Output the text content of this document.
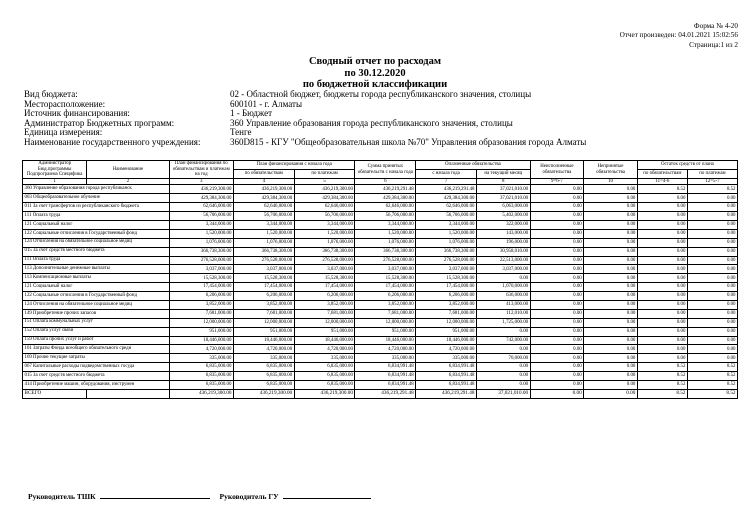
Форма № 4-20
Отчет произведен: 04.01.2021 15:02:56
Страница:1 из 2
Сводный отчет по расходам
по 30.12.2020
по бюджетной классификации
Вид бюджета:	02 - Областной бюджет, бюджеты города республиканского значения, столицы
Месторасположение:	600101 - г. Алматы
Источник финансирования:	1 - Бюджет
Администратор Бюджетных программ:	360 Управление образования города республиканского значения, столицы
Единица измерения:	Тенге
Наименование государственного учреждения:	360D815 - КГУ "Общеобразовательная школа №70" Управления образования города Алматы
Администратор Бюд.программы Подпрограмма Специфика	Наименование	План финансирования по обязательствам и платежам на год	План финансирования с начала года		Сумма принятых обязательств с начала года	Оплаченные обязательства		Неисполненные обязательства	Непринятые обязательства	Остаток средств от плана	
			по обязательствам	по платежам		с начала года	на текущий месяц			по обязательствам	по платежам
1	2	3	4	5	6	7	8	9=6-7	10	11=4-6	12=5-7
360 Управление образования города республиканск		436,219,300.00	436,219,300.00	436,219,300.00	436,219,291.48	436,219,291.48	37,021,010.00	0.00	0.00	8.52	8.52
003 Общеобразовательное обучение		429,384,300.00	429,384,300.00	429,384,300.00	429,384,300.00	429,384,300.00	37,021,010.00	0.00	0.00	0.00	0.00
011 За счет трансфертов из республиканского бюджета		62,646,000.00	62,646,000.00	62,646,000.00	62,646,000.00	62,646,000.00	6,063,000.00	0.00	0.00	0.00	0.00
111 Оплата труда		56,706,000.00	56,706,000.00	56,706,000.00	56,706,000.00	56,706,000.00	5,402,000.00	0.00	0.00	0.00	0.00
121 Социальный налог		3,344,000.00	3,344,000.00	3,344,000.00	3,344,000.00	3,344,000.00	322,000.00	0.00	0.00	0.00	0.00
122 Социальные отчисления в Государственный фонд		1,520,000.00	1,520,000.00	1,520,000.00	1,520,000.00	1,520,000.00	143,000.00	0.00	0.00	0.00	0.00
124 Отчисления на обязательное социальное медиц		1,076,000.00	1,076,000.00	1,076,000.00	1,076,000.00	1,076,000.00	196,000.00	0.00	0.00	0.00	0.00
015 За счет средств местного бюджета		366,738,300.00	366,738,300.00	366,738,300.00	366,738,300.00	366,738,300.00	30,958,010.00	0.00	0.00	0.00	0.00
111 Оплата труда		276,528,000.00	276,528,000.00	276,528,000.00	276,528,000.00	276,528,000.00	22,513,000.00	0.00	0.00	0.00	0.00
113 Дополнительные денежные выплаты		3,037,000.00	3,037,000.00	3,037,000.00	3,037,000.00	3,037,000.00	3,037,000.00	0.00	0.00	0.00	0.00
113 Компенсационные выплаты		15,528,300.00	15,528,300.00	15,528,300.00	15,528,300.00	15,528,300.00	0.00	0.00	0.00	0.00	0.00
121 Социальный налог		17,454,000.00	17,454,000.00	17,454,000.00	17,454,000.00	17,454,000.00	1,070,000.00	0.00	0.00	0.00	0.00
122 Социальные отчисления в Государственный фонд		6,206,000.00	6,206,000.00	6,206,000.00	6,206,000.00	6,206,000.00	636,000.00	0.00	0.00	0.00	0.00
124 Отчисления на обязательное социальное медиц		3,852,000.00	3,852,000.00	3,852,000.00	3,852,000.00	3,852,000.00	413,000.00	0.00	0.00	0.00	0.00
149 Приобретение прочих запасов		7,681,000.00	7,681,000.00	7,681,000.00	7,681,000.00	7,681,000.00	112,010.00	0.00	0.00	0.00	0.00
151 Оплата коммунальных услуг		12,000,000.00	12,000,000.00	12,000,000.00	12,000,000.00	12,000,000.00	1,725,000.00	0.00	0.00	0.00	0.00
152 Оплата услуг связи		951,000.00	951,000.00	951,000.00	951,000.00	951,000.00	0.00	0.00	0.00	0.00	0.00
159 Оплата прочих услуг и работ		18,446,000.00	18,446,000.00	18,446,000.00	18,446,000.00	18,446,000.00	742,000.00	0.00	0.00	0.00	0.00
161 Затраты Фонда всеобщего обязательного средн		4,720,000.00	4,720,000.00	4,720,000.00	4,720,000.00	4,720,000.00	0.00	0.00	0.00	0.00	0.00
169 Прочие текущие затраты		335,000.00	335,000.00	335,000.00	335,000.00	335,000.00	70,000.00	0.00	0.00	0.00	0.00
067 Капитальные расходы подведомственных госуда		6,835,000.00	6,835,000.00	6,835,000.00	6,834,991.48	6,834,991.48	0.00	0.00	0.00	8.52	8.52
015 За счет средств местного бюджета		6,835,000.00	6,835,000.00	6,835,000.00	6,834,991.48	6,834,991.48	0.00	0.00	0.00	8.52	8.52
414 Приобретение машин, оборудования, инструмен		6,835,000.00	6,835,000.00	6,835,000.00	6,834,991.48	6,834,991.48	0.00	0.00	0.00	8.52	8.52
ВСЕГО		436,219,300.00	436,219,300.00	436,219,300.00	436,219,291.48	436,219,291.48	37,021,010.00	0.00	0.00	8.52	8.52
Руководитель ТШК	Руководитель ГУ
